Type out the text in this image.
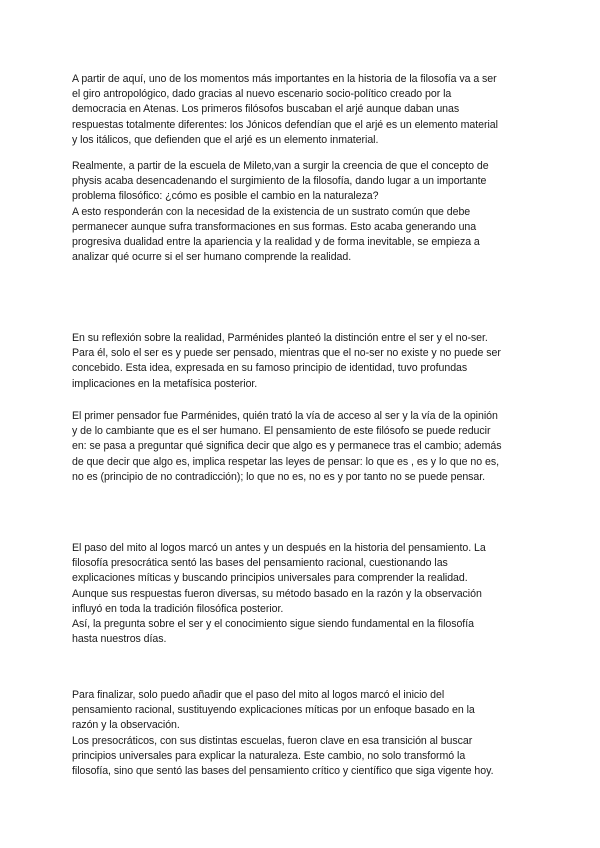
A partir de aquí, uno de los momentos más importantes en la historia de la filosofía va a ser
el giro antropológico, dado gracias al nuevo escenario socio-político creado por la
democracia en Atenas. Los primeros filósofos buscaban el arjé aunque daban unas
respuestas totalmente diferentes: los Jónicos defendían que el arjé es un elemento material
y los itálicos, que defienden que el arjé es un elemento inmaterial.
Realmente, a partir de la escuela de Mileto,van a surgir la creencia de que el concepto de
physis acaba desencadenando el surgimiento de la filosofía, dando lugar a un importante
problema filosófico: ¿cómo es posible el cambio en la naturaleza?
A esto responderán con la necesidad de la existencia de un sustrato común que debe
permanecer aunque sufra transformaciones en sus formas. Esto acaba generando una
progresiva dualidad entre la apariencia y la realidad y de forma inevitable, se empieza a
analizar qué ocurre si el ser humano comprende la realidad.
En su reflexión sobre la realidad, Parménides planteó la distinción entre el ser y el no-ser.
Para él, solo el ser es y puede ser pensado, mientras que el no-ser no existe y no puede ser
concebido. Esta idea, expresada en su famoso principio de identidad, tuvo profundas
implicaciones en la metafísica posterior.
El primer pensador fue Parménides, quién trató la vía de acceso al ser y la vía de la opinión
y de lo cambiante que es el ser humano. El pensamiento de este filósofo se puede reducir
en: se pasa a preguntar qué significa decir que algo es y permanece tras el cambio; además
de que decir que algo es, implica respetar las leyes de pensar: lo que es , es y lo que no es,
no es (principio de no contradicción); lo que no es, no es y por tanto no se puede pensar.
El paso del mito al logos marcó un antes y un después en la historia del pensamiento. La
filosofía presocrática sentó las bases del pensamiento racional, cuestionando las
explicaciones míticas y buscando principios universales para comprender la realidad.
Aunque sus respuestas fueron diversas, su método basado en la razón y la observación
influyó en toda la tradición filosófica posterior.
Así, la pregunta sobre el ser y el conocimiento sigue siendo fundamental en la filosofía
hasta nuestros días.
Para finalizar, solo puedo añadir que el paso del mito al logos marcó el inicio del
pensamiento racional, sustituyendo explicaciones míticas por un enfoque basado en la
razón y la observación.
Los presocráticos, con sus distintas escuelas, fueron clave en esa transición al buscar
principios universales para explicar la naturaleza. Este cambio, no solo transformó la
filosofía, sino que sentó las bases del pensamiento crítico y científico que siga vigente hoy.
